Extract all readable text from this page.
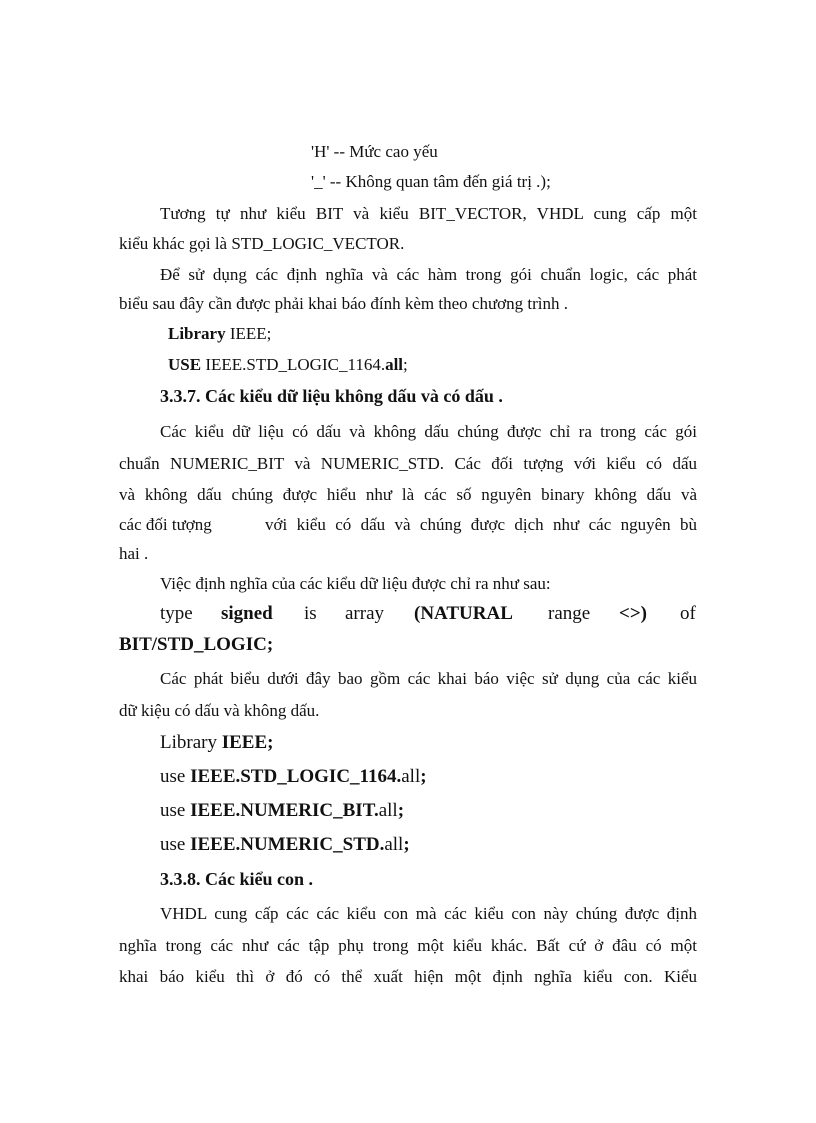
'H' -- Mức cao yếu
'_' -- Không quan tâm đến giá trị .);
Tương tự như kiểu BIT và kiểu BIT_VECTOR, VHDL cung cấp một
kiểu khác gọi là STD_LOGIC_VECTOR.
Để sử dụng các định nghĩa và các hàm trong gói chuẩn logic, các phát
biểu sau đây cần được phải khai báo đính kèm theo chương trình .
Library IEEE;
USE IEEE.STD_LOGIC_1164.all;
3.3.7. Các kiểu dữ liệu không dấu và có dấu .
Các kiểu dữ liệu có dấu và không dấu chúng được chỉ ra trong các gói
chuẩn NUMERIC_BIT và NUMERIC_STD. Các đối tượng với kiểu có dấu
và không dấu chúng được hiểu như là các số nguyên binary không dấu và
các đối tượng	với kiểu có dấu và chúng được dịch như các nguyên bù
hai .
Việc định nghĩa của các kiểu dữ liệu được chỉ ra như sau:
type signed is array (NATURAL range <>) of
BIT/STD_LOGIC;
Các phát biểu dưới đây bao gồm các khai báo việc sử dụng của các kiểu
dữ kiệu có dấu và không dấu.
Library IEEE;
use IEEE.STD_LOGIC_1164.all;
use IEEE.NUMERIC_BIT.all;
use IEEE.NUMERIC_STD.all;
3.3.8. Các kiểu con .
VHDL cung cấp các các kiểu con mà các kiểu con này chúng được định
nghĩa trong các như các tập phụ trong một kiểu khác. Bất cứ ở đâu có một
khai báo kiểu thì ở đó có thể xuất hiện một định nghĩa kiểu con. Kiểu
